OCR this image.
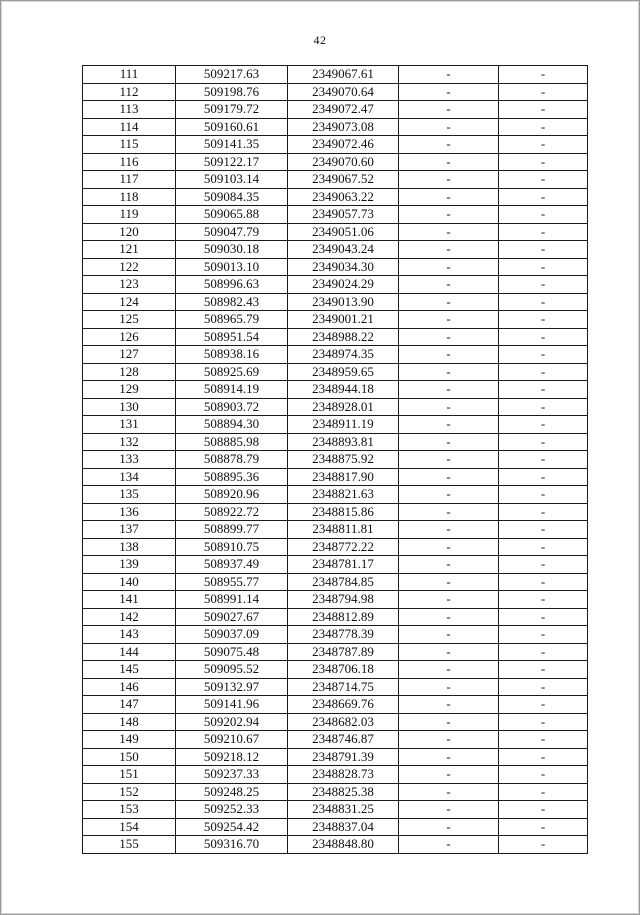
42
111	509217.63	2349067.61	-	-
112	509198.76	2349070.64	-	-
113	509179.72	2349072.47	-	-
114	509160.61	2349073.08	-	-
115	509141.35	2349072.46	-	-
116	509122.17	2349070.60	-	-
117	509103.14	2349067.52	-	-
118	509084.35	2349063.22	-	-
119	509065.88	2349057.73	-	-
120	509047.79	2349051.06	-	-
121	509030.18	2349043.24	-	-
122	509013.10	2349034.30	-	-
123	508996.63	2349024.29	-	-
124	508982.43	2349013.90	-	-
125	508965.79	2349001.21	-	-
126	508951.54	2348988.22	-	-
127	508938.16	2348974.35	-	-
128	508925.69	2348959.65	-	-
129	508914.19	2348944.18	-	-
130	508903.72	2348928.01	-	-
131	508894.30	2348911.19	-	-
132	508885.98	2348893.81	-	-
133	508878.79	2348875.92	-	-
134	508895.36	2348817.90	-	-
135	508920.96	2348821.63	-	-
136	508922.72	2348815.86	-	-
137	508899.77	2348811.81	-	-
138	508910.75	2348772.22	-	-
139	508937.49	2348781.17	-	-
140	508955.77	2348784.85	-	-
141	508991.14	2348794.98	-	-
142	509027.67	2348812.89	-	-
143	509037.09	2348778.39	-	-
144	509075.48	2348787.89	-	-
145	509095.52	2348706.18	-	-
146	509132.97	2348714.75	-	-
147	509141.96	2348669.76	-	-
148	509202.94	2348682.03	-	-
149	509210.67	2348746.87	-	-
150	509218.12	2348791.39	-	-
151	509237.33	2348828.73	-	-
152	509248.25	2348825.38	-	-
153	509252.33	2348831.25	-	-
154	509254.42	2348837.04	-	-
155	509316.70	2348848.80	-	-
